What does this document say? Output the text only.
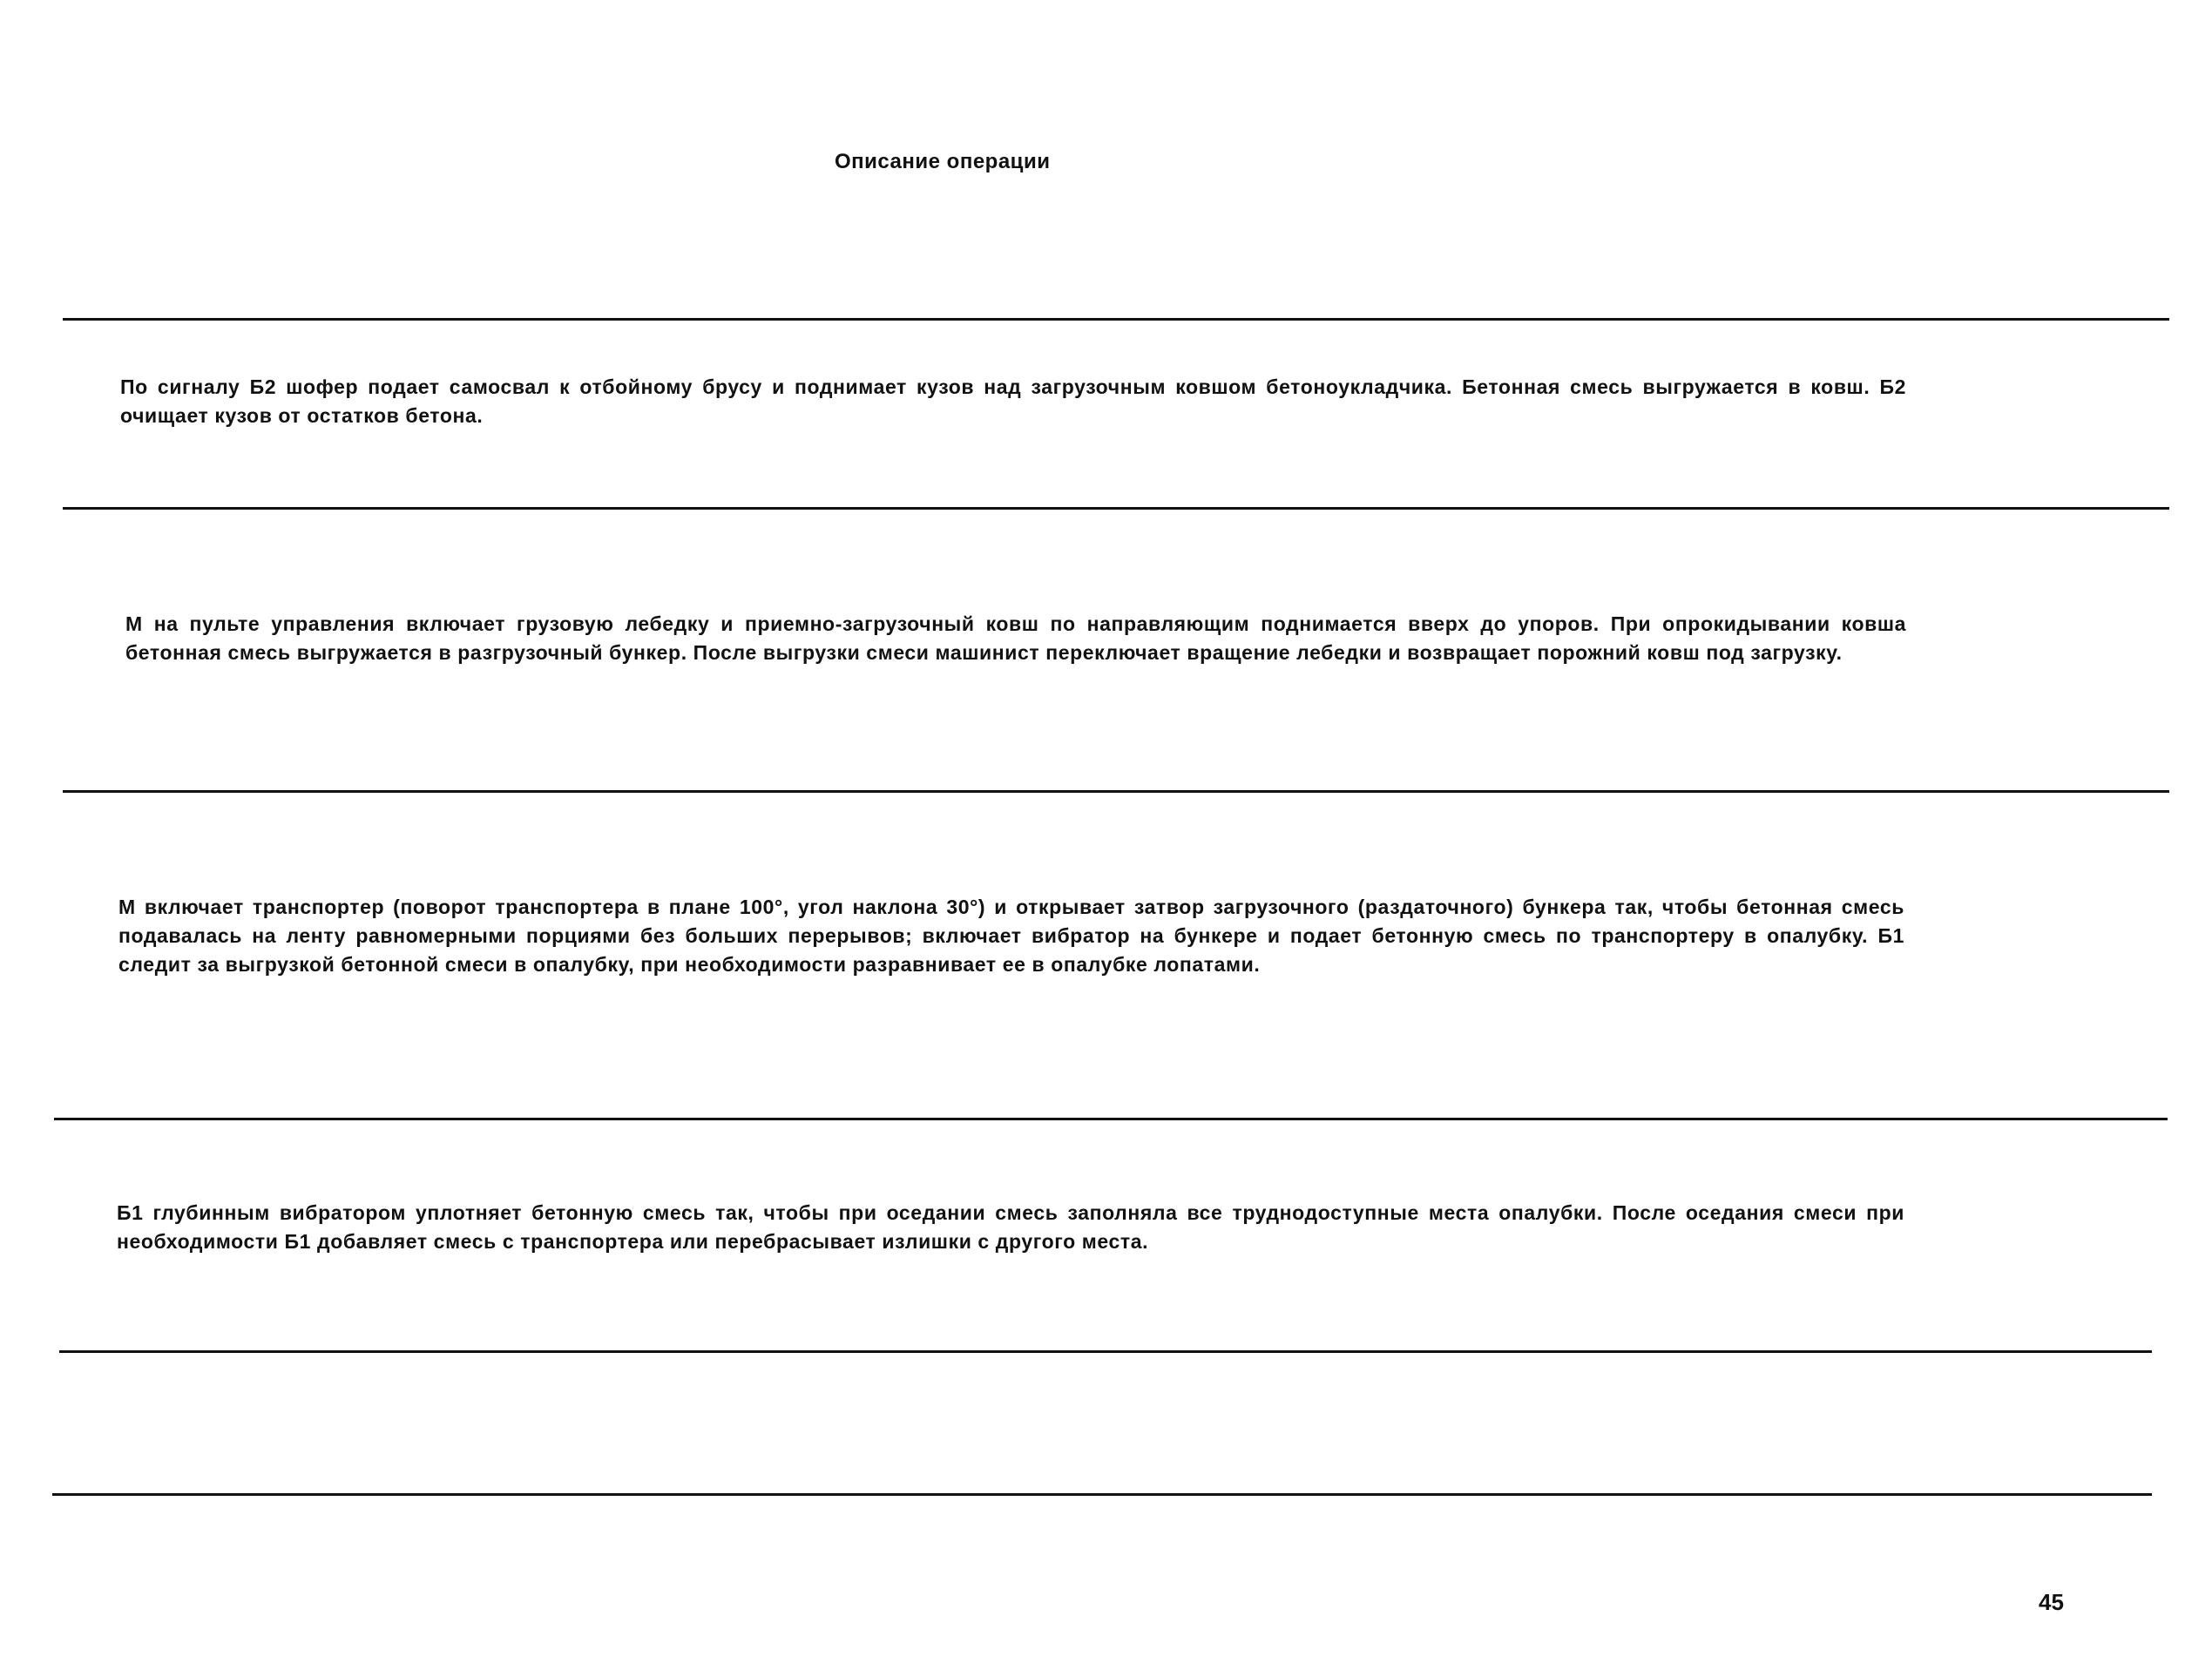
Описание операции
По сигналу Б2 шофер подает самосвал к отбойному брусу и поднимает кузов над загрузочным ковшом бетоноукладчика. Бетонная смесь выгружается в ковш. Б2 очищает кузов от остатков бетона.
М на пульте управления включает грузовую лебедку и приемно-загрузочный ковш по направляющим поднимается вверх до упоров. При опрокидывании ковша бетонная смесь выгружается в разгрузочный бункер. После выгрузки смеси машинист переключает вращение лебедки и возвращает порожний ковш под загрузку.
М включает транспортер (поворот транспортера в плане 100°, угол наклона 30°) и открывает затвор загрузочного (раздаточного) бункера так, чтобы бетонная смесь подавалась на ленту равномерными порциями без больших перерывов; включает вибратор на бункере и подает бетонную смесь по транспортеру в опалубку. Б1 следит за выгрузкой бетонной смеси в опалубку, при необходимости разравнивает ее в опалубке лопатами.
Б1 глубинным вибратором уплотняет бетонную смесь так, чтобы при оседании смесь заполняла все труднодоступные места опалубки. После оседания смеси при необходимости Б1 добавляет смесь с транспортера или перебрасывает излишки с другого места.
45
